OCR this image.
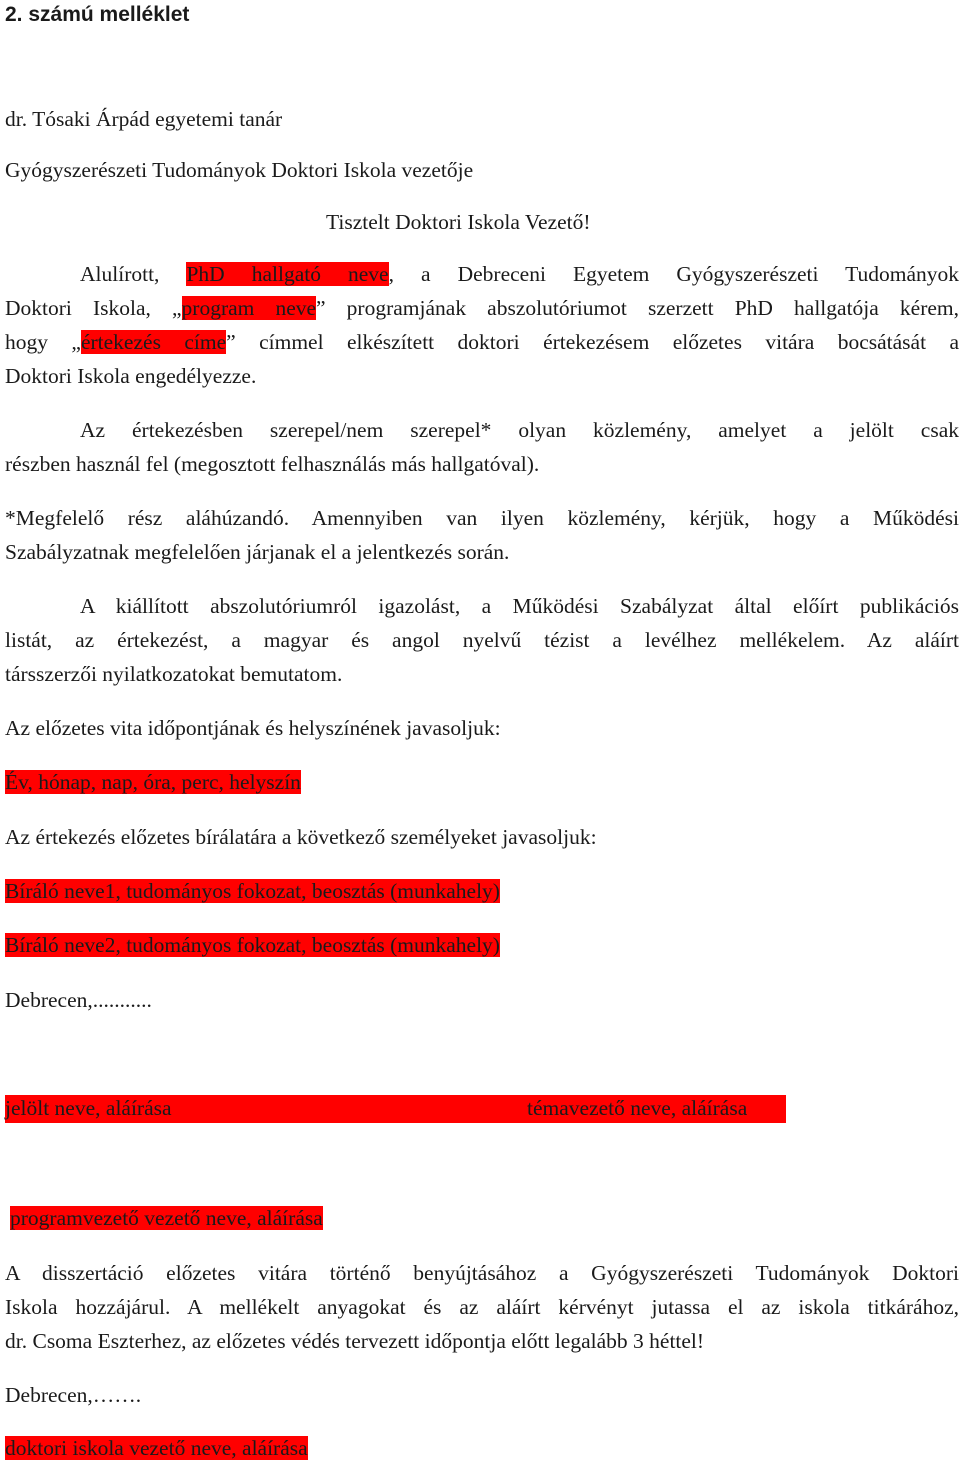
2. számú melléklet
dr. Tósaki Árpád egyetemi tanár
Gyógyszerészeti Tudományok Doktori Iskola vezetője
Tisztelt Doktori Iskola Vezető!
Alulírott, PhD hallgató neve, a Debreceni Egyetem Gyógyszerészeti Tudományok
Doktori Iskola, „program neve” programjának abszolutóriumot szerzett PhD hallgatója kérem,
hogy „értekezés címe” címmel elkészített doktori értekezésem előzetes vitára bocsátását a
Doktori Iskola engedélyezze.
Az értekezésben szerepel/nem szerepel* olyan közlemény, amelyet a jelölt csak
részben használ fel (megosztott felhasználás más hallgatóval).
*Megfelelő rész aláhúzandó. Amennyiben van ilyen közlemény, kérjük, hogy a Működési
Szabályzatnak megfelelően járjanak el a jelentkezés során.
A kiállított abszolutóriumról igazolást, a Működési Szabályzat által előírt publikációs
listát, az értekezést, a magyar és angol nyelvű tézist a levélhez mellékelem. Az aláírt
társszerzői nyilatkozatokat bemutatom.
Az előzetes vita időpontjának és helyszínének javasoljuk:
Év, hónap, nap, óra, perc, helyszín
Az értekezés előzetes bírálatára a következő személyeket javasoljuk:
Bíráló neve1, tudományos fokozat, beosztás (munkahely)
Bíráló neve2, tudományos fokozat, beosztás (munkahely)
Debrecen,...........
jelölt neve, aláírása	témavezető neve, aláírása
programvezető vezető neve, aláírása
A disszertáció előzetes vitára történő benyújtásához a Gyógyszerészeti Tudományok Doktori
Iskola hozzájárul. A mellékelt anyagokat és az aláírt kérvényt jutassa el az iskola titkárához,
dr. Csoma Eszterhez, az előzetes védés tervezett időpontja előtt legalább 3 héttel!
Debrecen,…….
doktori iskola vezető neve, aláírása
